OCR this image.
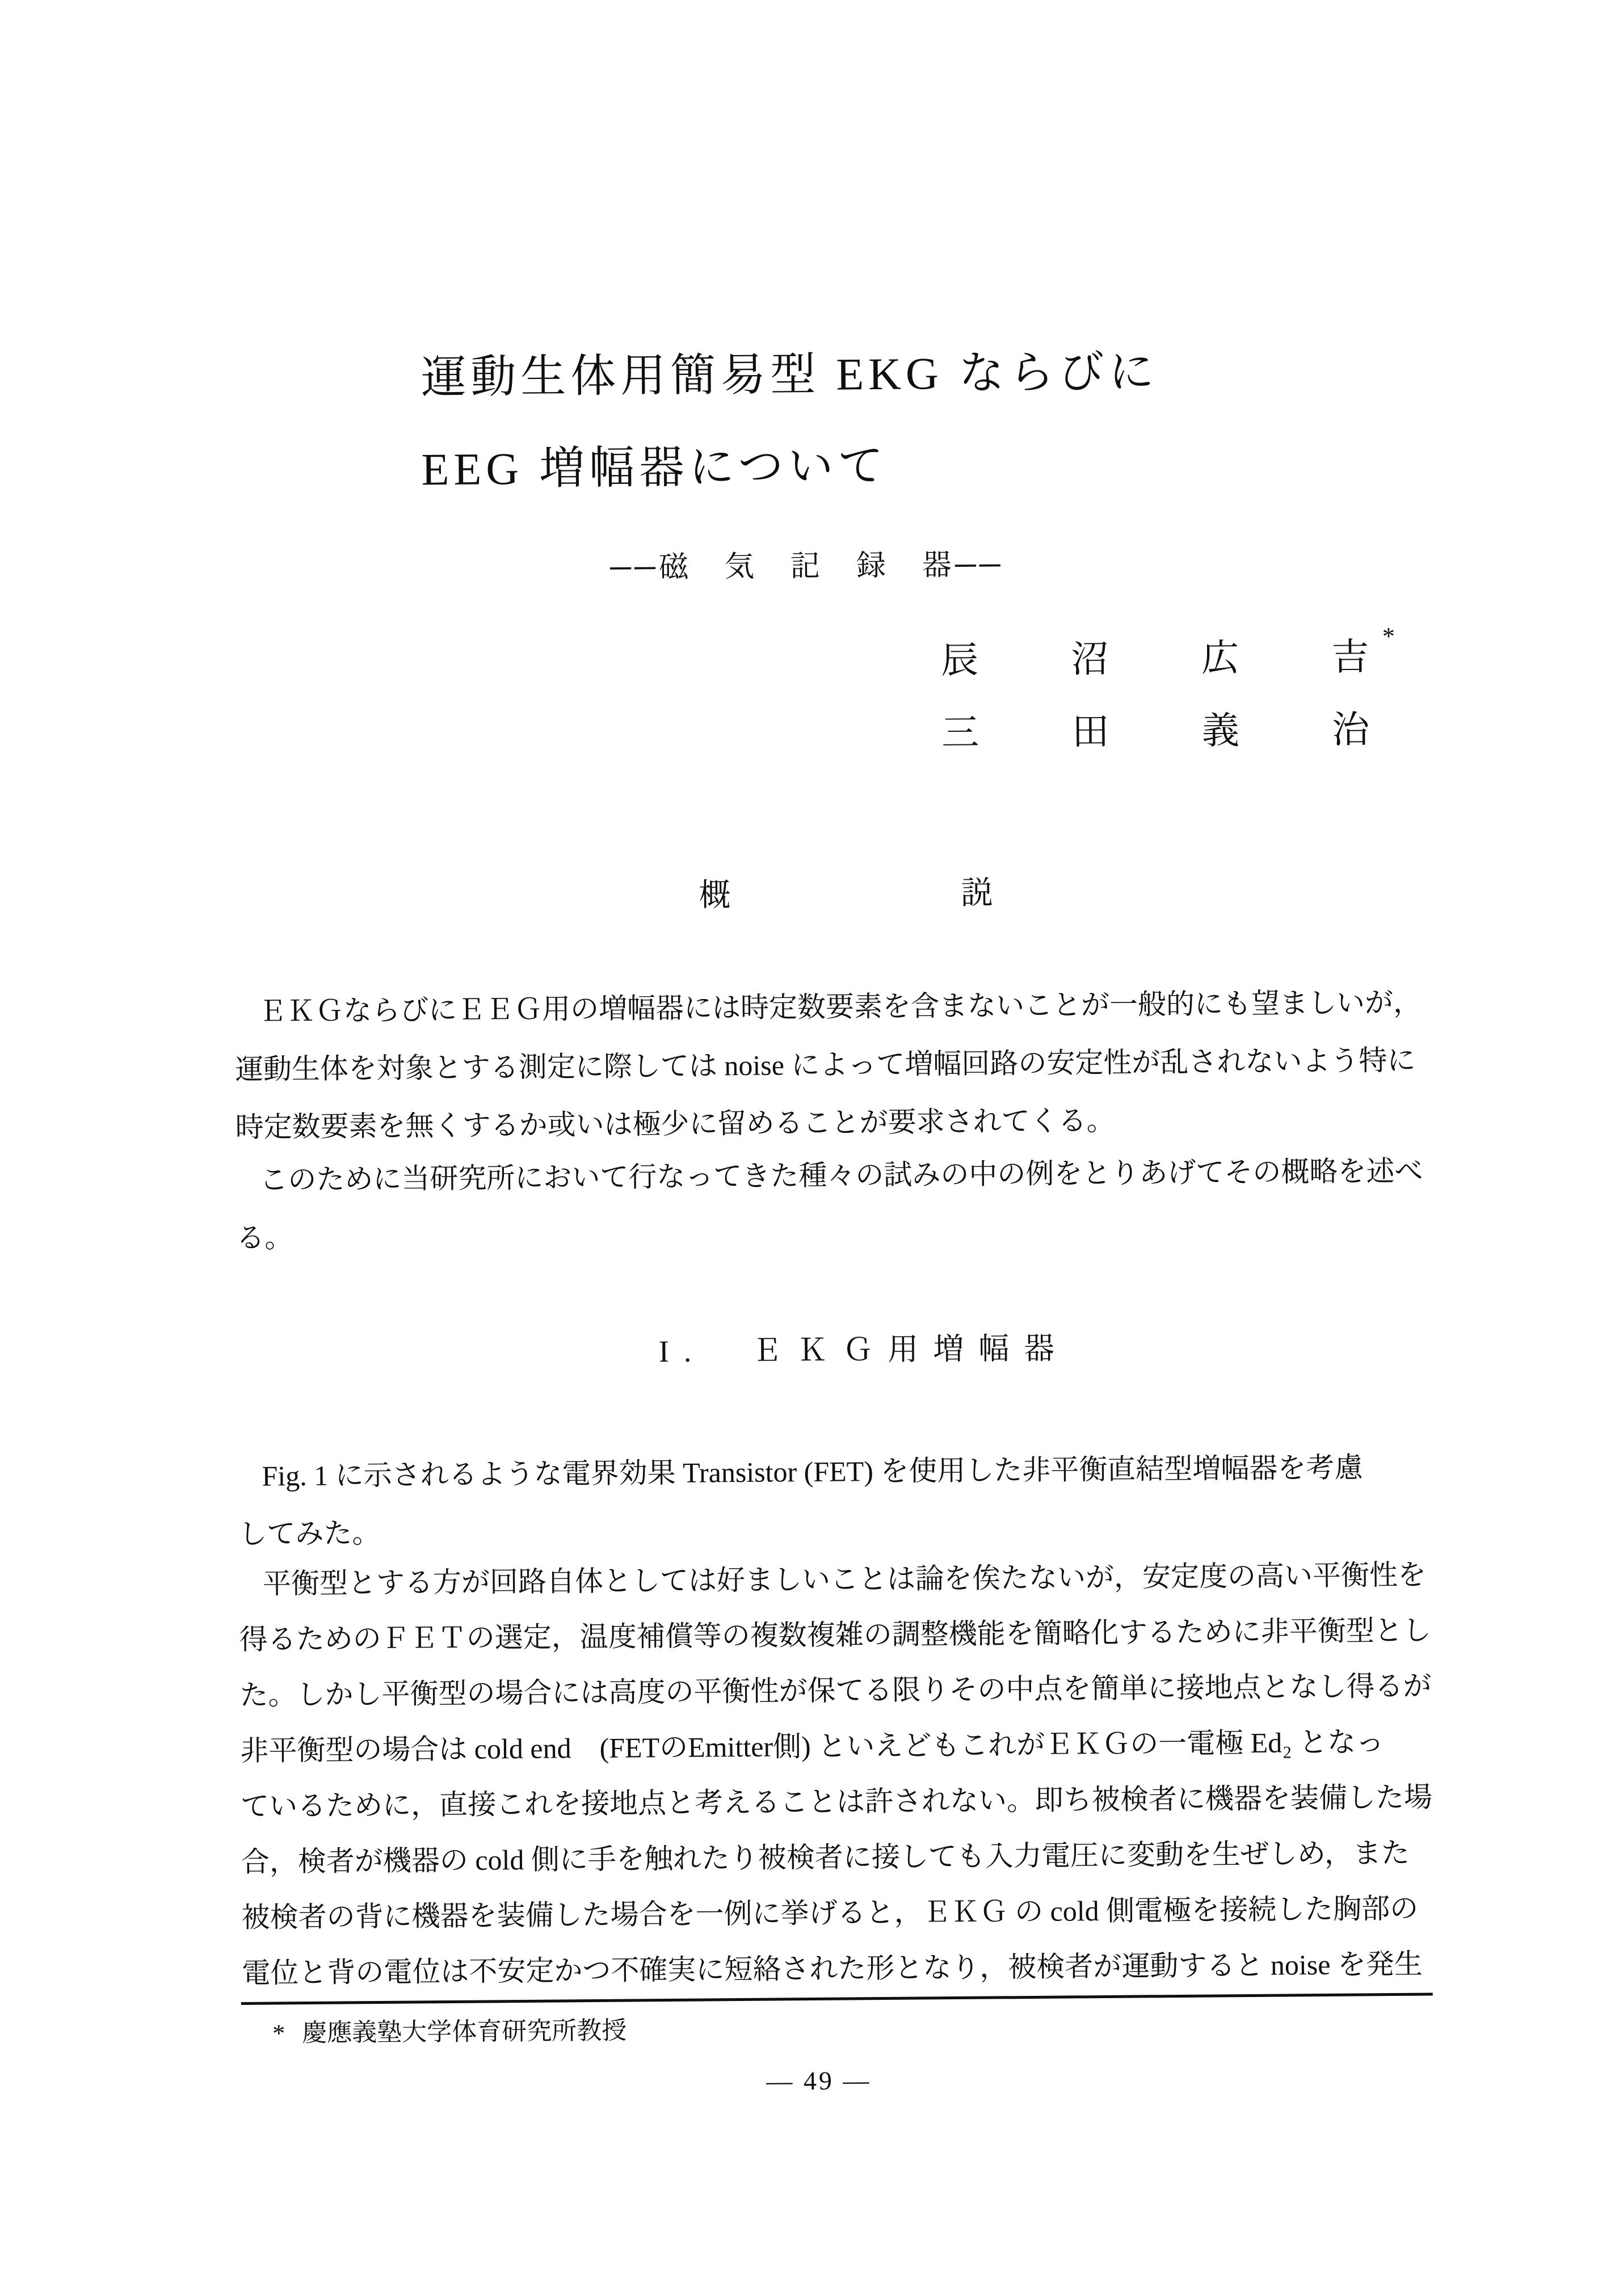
運動生体用簡易型 EKG ならびに
EEG 増幅器について
──磁　気　記　録　器──
辰 沼 広 吉
*
三 田 義 治
概	説
ＥＫＧならびにＥＥＧ用の増幅器には時定数要素を含まないことが一般的にも望ましいが，
運動生体を対象とする測定に際しては noise によって増幅回路の安定性が乱されないよう特に
時定数要素を無くするか或いは極少に留めることが要求されてくる。
このために当研究所において行なってきた種々の試みの中の例をとりあげてその概略を述べ
る。
I.　ＥＫＧ用増幅器
Fig. 1 に示されるような電界効果 Transistor (FET) を使用した非平衡直結型増幅器を考慮
してみた。
平衡型とする方が回路自体としては好ましいことは論を俟たないが，安定度の高い平衡性を
得るためのＦＥＴの選定，温度補償等の複数複雑の調整機能を簡略化するために非平衡型とし
た。しかし平衡型の場合には高度の平衡性が保てる限りその中点を簡単に接地点となし得るが
非平衡型の場合は cold end　(FETのEmitter側) といえどもこれがＥＫＧの一電極 Ed₂ となっ
ているために，直接これを接地点と考えることは許されない。即ち被検者に機器を装備した場
合，検者が機器の cold 側に手を触れたり被検者に接しても入力電圧に変動を生ぜしめ，また
被検者の背に機器を装備した場合を一例に挙げると，ＥＫＧ の cold 側電極を接続した胸部の
電位と背の電位は不安定かつ不確実に短絡された形となり，被検者が運動すると noise を発生
* 慶應義塾大学体育研究所教授
— 49 —
